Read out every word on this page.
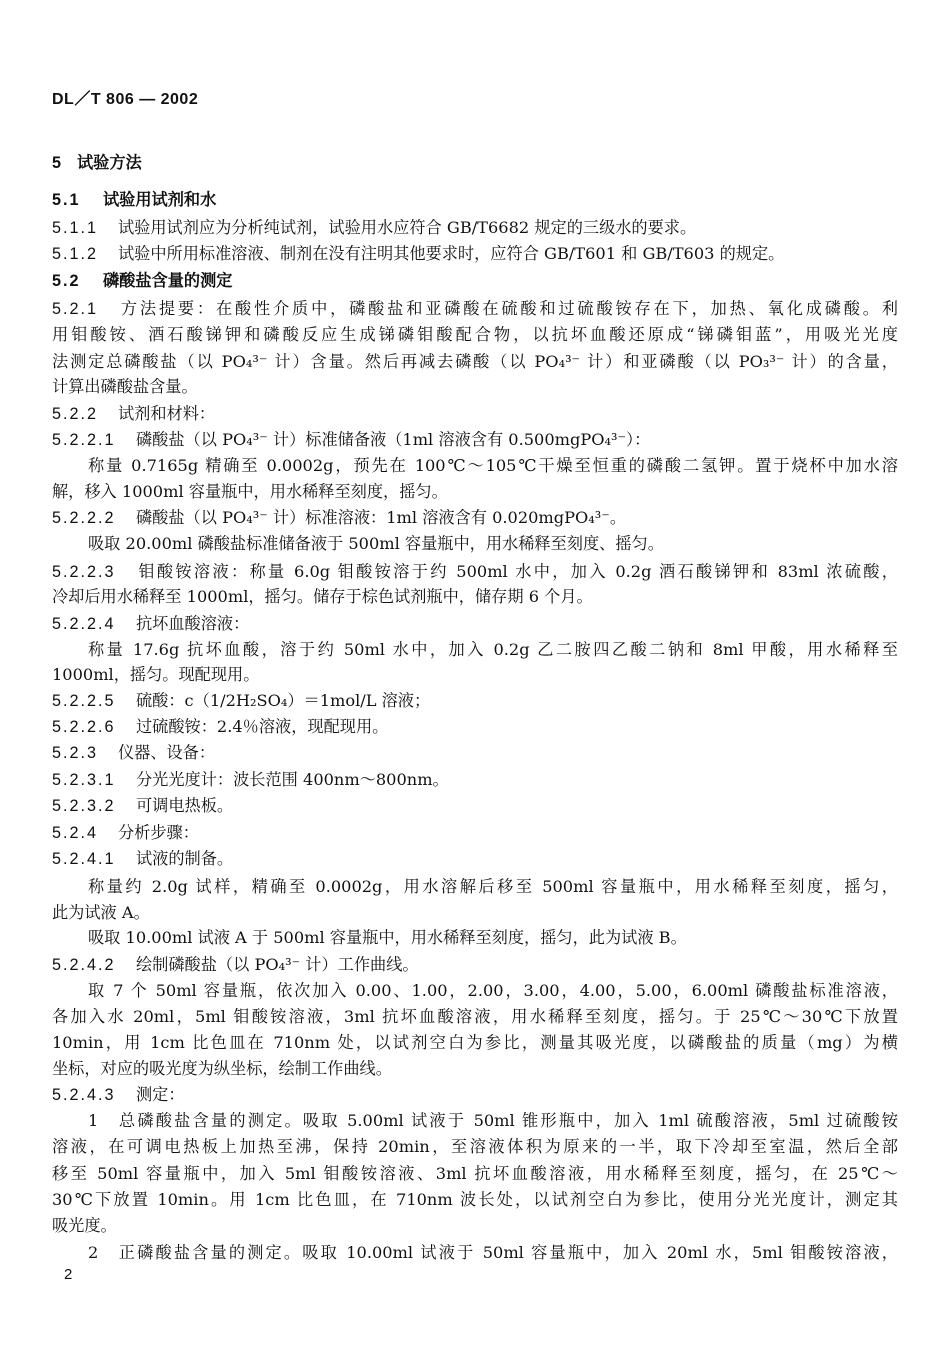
DL／T 806 — 2002
5 试验方法
5.1 试验用试剂和水
5.1.1 试验用试剂应为分析纯试剂，试验用水应符合 GB/T6682 规定的三级水的要求。
5.1.2 试验中所用标准溶液、制剂在没有注明其他要求时，应符合 GB/T601 和 GB/T603 的规定。
5.2 磷酸盐含量的测定
5.2.1 方法提要：在酸性介质中，磷酸盐和亚磷酸在硫酸和过硫酸铵存在下，加热、氧化成磷酸。利
用钼酸铵、酒石酸锑钾和磷酸反应生成锑磷钼酸配合物，以抗坏血酸还原成“锑磷钼蓝”，用吸光光度
法测定总磷酸盐（以 PO₄³⁻ 计）含量。然后再减去磷酸（以 PO₄³⁻ 计）和亚磷酸（以 PO₃³⁻ 计）的含量，
计算出磷酸盐含量。
5.2.2 试剂和材料：
5.2.2.1 磷酸盐（以 PO₄³⁻ 计）标准储备液（1ml 溶液含有 0.500mgPO₄³⁻）：
称量 0.7165g 精确至 0.0002g，预先在 100℃～105℃干燥至恒重的磷酸二氢钾。置于烧杯中加水溶
解，移入 1000ml 容量瓶中，用水稀释至刻度，摇匀。
5.2.2.2 磷酸盐（以 PO₄³⁻ 计）标准溶液：1ml 溶液含有 0.020mgPO₄³⁻。
吸取 20.00ml 磷酸盐标准储备液于 500ml 容量瓶中，用水稀释至刻度、摇匀。
5.2.2.3 钼酸铵溶液：称量 6.0g 钼酸铵溶于约 500ml 水中，加入 0.2g 酒石酸锑钾和 83ml 浓硫酸，
冷却后用水稀释至 1000ml，摇匀。储存于棕色试剂瓶中，储存期 6 个月。
5.2.2.4 抗坏血酸溶液：
称量 17.6g 抗坏血酸，溶于约 50ml 水中，加入 0.2g 乙二胺四乙酸二钠和 8ml 甲酸，用水稀释至
1000ml，摇匀。现配现用。
5.2.2.5 硫酸：c（1/2H₂SO₄）＝1mol/L 溶液；
5.2.2.6 过硫酸铵：2.4％溶液，现配现用。
5.2.3 仪器、设备：
5.2.3.1 分光光度计：波长范围 400nm～800nm。
5.2.3.2 可调电热板。
5.2.4 分析步骤：
5.2.4.1 试液的制备。
称量约 2.0g 试样，精确至 0.0002g，用水溶解后移至 500ml 容量瓶中，用水稀释至刻度，摇匀，
此为试液 A。
吸取 10.00ml 试液 A 于 500ml 容量瓶中，用水稀释至刻度，摇匀，此为试液 B。
5.2.4.2 绘制磷酸盐（以 PO₄³⁻ 计）工作曲线。
取 7 个 50ml 容量瓶，依次加入 0.00、1.00，2.00，3.00，4.00，5.00，6.00ml 磷酸盐标准溶液，
各加入水 20ml，5ml 钼酸铵溶液，3ml 抗坏血酸溶液，用水稀释至刻度，摇匀。于 25℃～30℃下放置
10min，用 1cm 比色皿在 710nm 处，以试剂空白为参比，测量其吸光度，以磷酸盐的质量（mg）为横
坐标，对应的吸光度为纵坐标，绘制工作曲线。
5.2.4.3 测定：
1　总磷酸盐含量的测定。吸取 5.00ml 试液于 50ml 锥形瓶中，加入 1ml 硫酸溶液，5ml 过硫酸铵
溶液，在可调电热板上加热至沸，保持 20min，至溶液体积为原来的一半，取下冷却至室温，然后全部
移至 50ml 容量瓶中，加入 5ml 钼酸铵溶液、3ml 抗坏血酸溶液，用水稀释至刻度，摇匀，在 25℃～
30℃下放置 10min。用 1cm 比色皿，在 710nm 波长处，以试剂空白为参比，使用分光光度计，测定其
吸光度。
2　正磷酸盐含量的测定。吸取 10.00ml 试液于 50ml 容量瓶中，加入 20ml 水，5ml 钼酸铵溶液，
2
